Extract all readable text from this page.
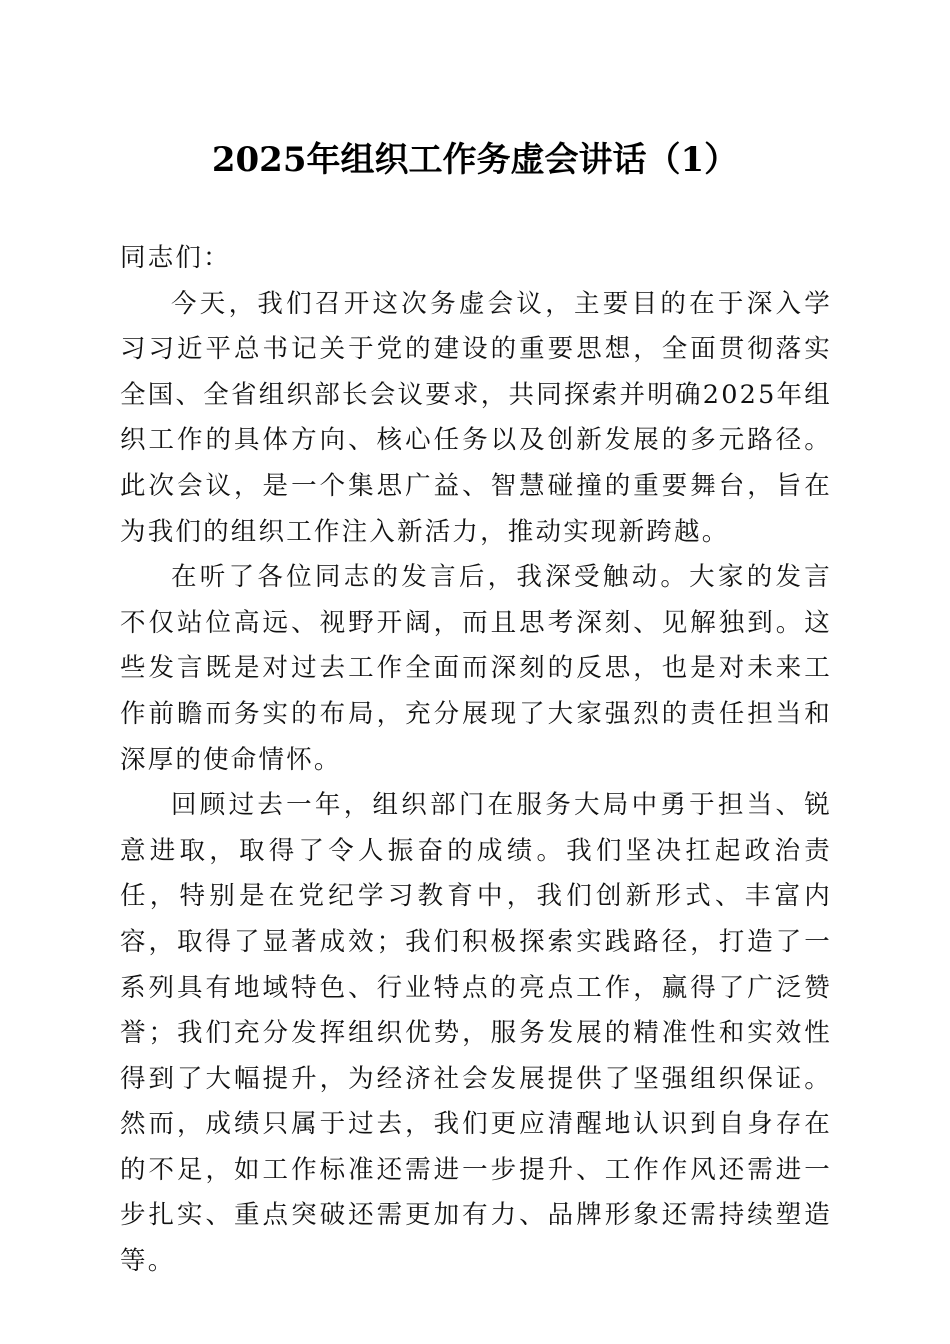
2025年组织工作务虚会讲话（1）

同志们：

今天，我们召开这次务虚会议，主要目的在于深入学习习近平总书记关于党的建设的重要思想，全面贯彻落实全国、全省组织部长会议要求，共同探索并明确2025年组织工作的具体方向、核心任务以及创新发展的多元路径。此次会议，是一个集思广益、智慧碰撞的重要舞台，旨在为我们的组织工作注入新活力，推动实现新跨越。

在听了各位同志的发言后，我深受触动。大家的发言不仅站位高远、视野开阔，而且思考深刻、见解独到。这些发言既是对过去工作全面而深刻的反思，也是对未来工作前瞻而务实的布局，充分展现了大家强烈的责任担当和深厚的使命情怀。

回顾过去一年，组织部门在服务大局中勇于担当、锐意进取，取得了令人振奋的成绩。我们坚决扛起政治责任，特别是在党纪学习教育中，我们创新形式、丰富内容，取得了显著成效；我们积极探索实践路径，打造了一系列具有地域特色、行业特点的亮点工作，赢得了广泛赞誉；我们充分发挥组织优势，服务发展的精准性和实效性得到了大幅提升，为经济社会发展提供了坚强组织保证。然而，成绩只属于过去，我们更应清醒地认识到自身存在的不足，如工作标准还需进一步提升、工作作风还需进一步扎实、重点突破还需更加有力、品牌形象还需持续塑造等。
